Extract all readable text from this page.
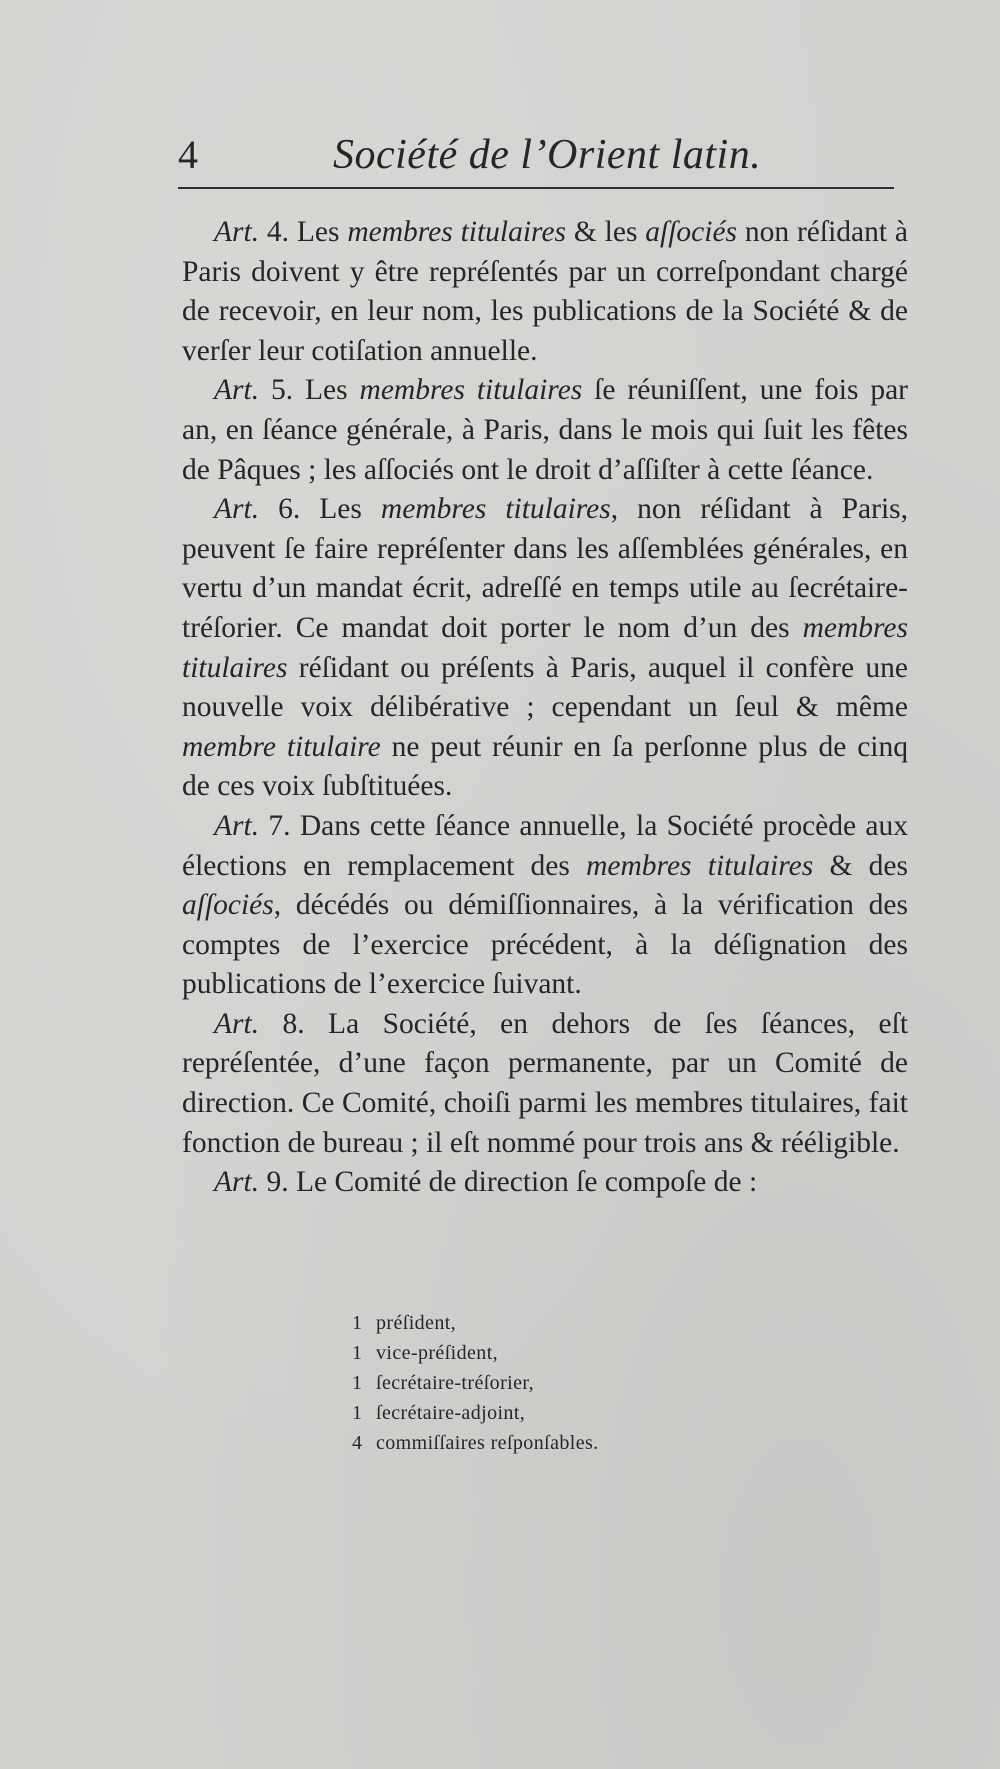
4	Société de l’Orient latin.

Art. 4. Les membres titulaires & les aſſociés non réſidant à Paris doivent y être repréſentés par un correſpondant chargé de recevoir, en leur nom, les publications de la Société & de verſer leur cotiſation annuelle.

Art. 5. Les membres titulaires ſe réuniſſent, une fois par an, en ſéance générale, à Paris, dans le mois qui ſuit les fêtes de Pâques ; les aſſociés ont le droit d’aſſiſter à cette ſéance.

Art. 6. Les membres titulaires, non réſidant à Paris, peuvent ſe faire repréſenter dans les aſſemblées générales, en vertu d’un mandat écrit, adreſſé en temps utile au ſecrétaire-tréſorier. Ce mandat doit porter le nom d’un des membres titulaires réſidant ou préſents à Paris, auquel il confère une nouvelle voix délibérative ; cependant un ſeul & même membre titulaire ne peut réunir en ſa perſonne plus de cinq de ces voix ſubſtituées.

Art. 7. Dans cette ſéance annuelle, la Société procède aux élections en remplacement des membres titulaires & des aſſociés, décédés ou démiſſionnaires, à la vérification des comptes de l’exercice précédent, à la déſignation des publications de l’exercice ſuivant.

Art. 8. La Société, en dehors de ſes ſéances, eſt repréſentée, d’une façon permanente, par un Comité de direction. Ce Comité, choiſi parmi les membres titulaires, fait fonction de bureau ; il eſt nommé pour trois ans & rééligible.

Art. 9. Le Comité de direction ſe compoſe de :

1 préſident,
1 vice-préſident,
1 ſecrétaire-tréſorier,
1 ſecrétaire-adjoint,
4 commiſſaires reſponſables.
